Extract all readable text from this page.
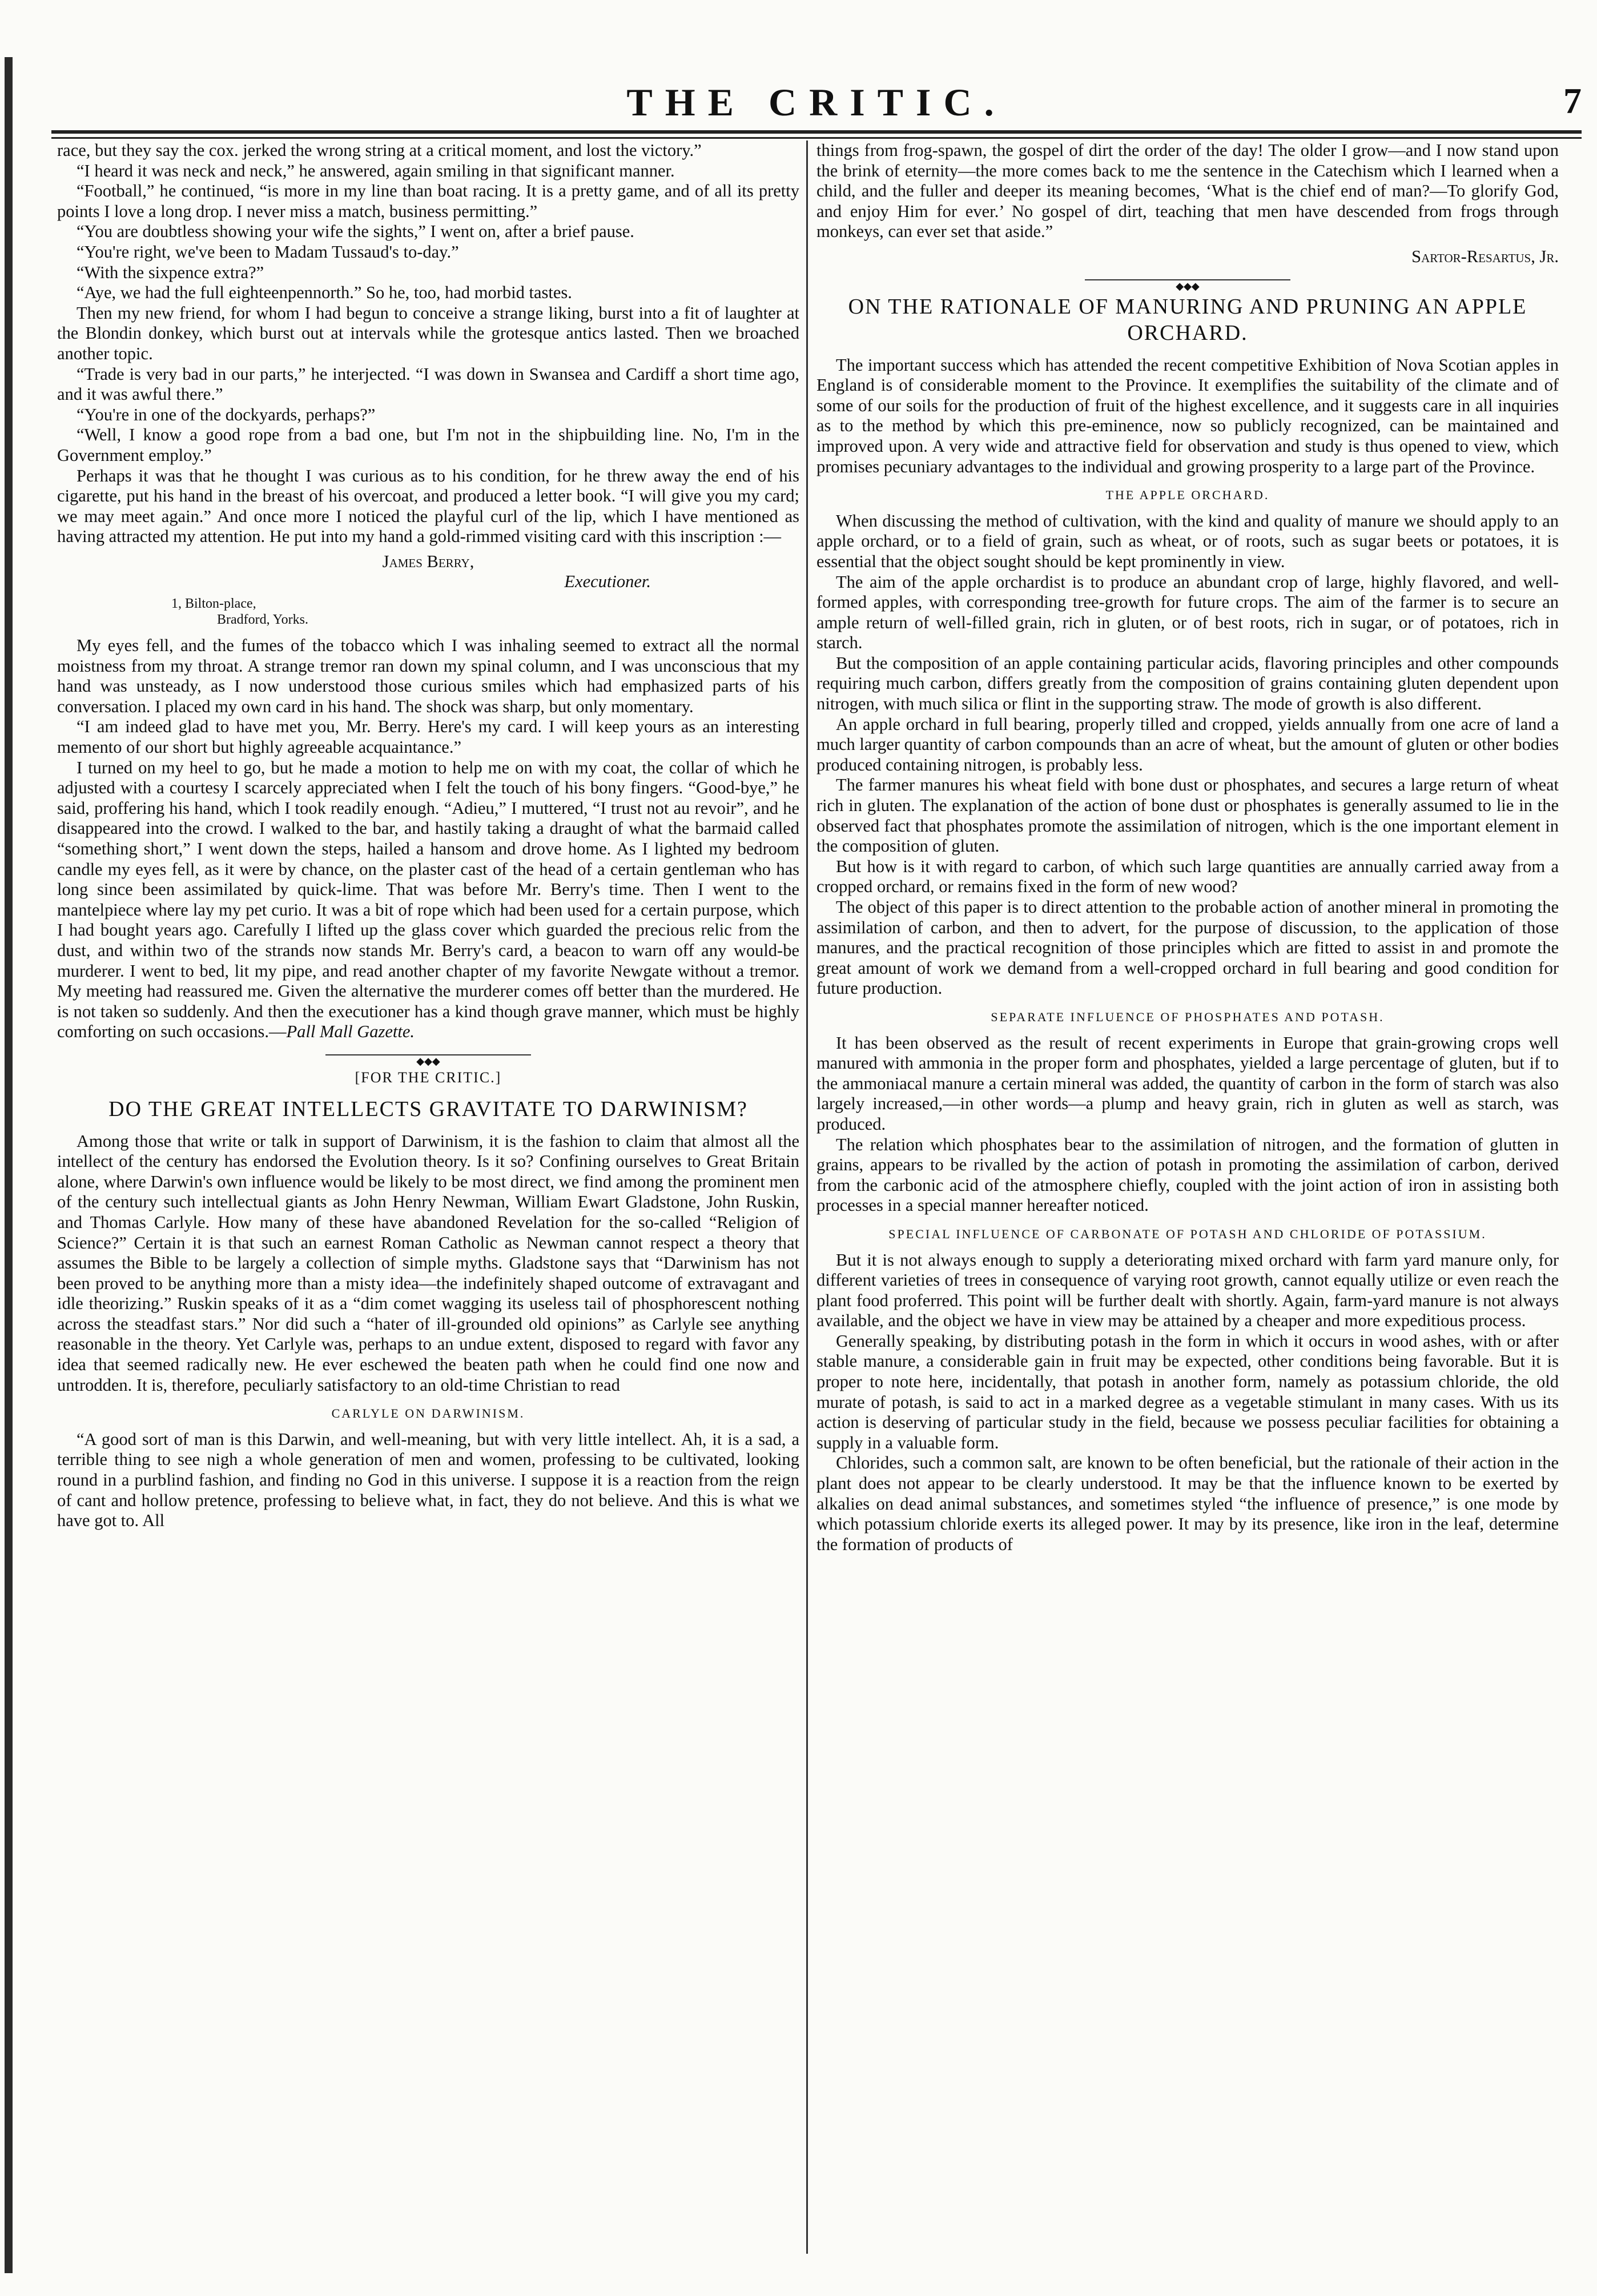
THE CRITIC.	7

race, but they say the cox. jerked the wrong string at a critical moment, and lost the victory.”

“I heard it was neck and neck,” he answered, again smiling in that significant manner.

“Football,” he continued, “is more in my line than boat racing. It is a pretty game, and of all its pretty points I love a long drop. I never miss a match, business permitting.”

“You are doubtless showing your wife the sights,” I went on, after a brief pause.

“You're right, we've been to Madam Tussaud's to-day.”

“With the sixpence extra?”

“Aye, we had the full eighteenpennorth.” So he, too, had morbid tastes.

Then my new friend, for whom I had begun to conceive a strange liking, burst into a fit of laughter at the Blondin donkey, which burst out at intervals while the grotesque antics lasted. Then we broached another topic.

“Trade is very bad in our parts,” he interjected. “I was down in Swansea and Cardiff a short time ago, and it was awful there.”

“You're in one of the dockyards, perhaps?”

“Well, I know a good rope from a bad one, but I'm not in the shipbuilding line. No, I'm in the Government employ.”

Perhaps it was that he thought I was curious as to his condition, for he threw away the end of his cigarette, put his hand in the breast of his overcoat, and produced a letter book. “I will give you my card; we may meet again.” And once more I noticed the playful curl of the lip, which I have mentioned as having attracted my attention. He put into my hand a gold-rimmed visiting card with this inscription :—

James Berry,
Executioner.
1, Bilton-place,
Bradford, Yorks.

My eyes fell, and the fumes of the tobacco which I was inhaling seemed to extract all the normal moistness from my throat. A strange tremor ran down my spinal column, and I was unconscious that my hand was unsteady, as I now understood those curious smiles which had emphasized parts of his conversation. I placed my own card in his hand. The shock was sharp, but only momentary.

“I am indeed glad to have met you, Mr. Berry. Here's my card. I will keep yours as an interesting memento of our short but highly agreeable acquaintance.”

I turned on my heel to go, but he made a motion to help me on with my coat, the collar of which he adjusted with a courtesy I scarcely appreciated when I felt the touch of his bony fingers. “Good-bye,” he said, proffering his hand, which I took readily enough. “Adieu,” I muttered, “I trust not au revoir”, and he disappeared into the crowd. I walked to the bar, and hastily taking a draught of what the barmaid called “something short,” I went down the steps, hailed a hansom and drove home. As I lighted my bedroom candle my eyes fell, as it were by chance, on the plaster cast of the head of a certain gentleman who has long since been assimilated by quick-lime. That was before Mr. Berry's time. Then I went to the mantelpiece where lay my pet curio. It was a bit of rope which had been used for a certain purpose, which I had bought years ago. Carefully I lifted up the glass cover which guarded the precious relic from the dust, and within two of the strands now stands Mr. Berry's card, a beacon to warn off any would-be murderer. I went to bed, lit my pipe, and read another chapter of my favorite Newgate without a tremor. My meeting had reassured me. Given the alternative the murderer comes off better than the murdered. He is not taken so suddenly. And then the executioner has a kind though grave manner, which must be highly comforting on such occasions.—Pall Mall Gazette.

◆◆◆
[FOR THE CRITIC.]
DO THE GREAT INTELLECTS GRAVITATE TO DARWINISM?

Among those that write or talk in support of Darwinism, it is the fashion to claim that almost all the intellect of the century has endorsed the Evolution theory. Is it so? Confining ourselves to Great Britain alone, where Darwin's own influence would be likely to be most direct, we find among the prominent men of the century such intellectual giants as John Henry Newman, William Ewart Gladstone, John Ruskin, and Thomas Carlyle. How many of these have abandoned Revelation for the so-called “Religion of Science?” Certain it is that such an earnest Roman Catholic as Newman cannot respect a theory that assumes the Bible to be largely a collection of simple myths. Gladstone says that “Darwinism has not been proved to be anything more than a misty idea—the indefinitely shaped outcome of extravagant and idle theorizing.” Ruskin speaks of it as a “dim comet wagging its useless tail of phosphorescent nothing across the steadfast stars.” Nor did such a “hater of ill-grounded old opinions” as Carlyle see anything reasonable in the theory. Yet Carlyle was, perhaps to an undue extent, disposed to regard with favor any idea that seemed radically new. He ever eschewed the beaten path when he could find one now and untrodden. It is, therefore, peculiarly satisfactory to an old-time Christian to read

CARLYLE ON DARWINISM.

“A good sort of man is this Darwin, and well-meaning, but with very little intellect. Ah, it is a sad, a terrible thing to see nigh a whole generation of men and women, professing to be cultivated, looking round in a purblind fashion, and finding no God in this universe. I suppose it is a reaction from the reign of cant and hollow pretence, professing to believe what, in fact, they do not believe. And this is what we have got to. All

things from frog-spawn, the gospel of dirt the order of the day! The older I grow—and I now stand upon the brink of eternity—the more comes back to me the sentence in the Catechism which I learned when a child, and the fuller and deeper its meaning becomes, ‘What is the chief end of man?—To glorify God, and enjoy Him for ever.’ No gospel of dirt, teaching that men have descended from frogs through monkeys, can ever set that aside.”

Sartor-Resartus, Jr.
◆◆◆
ON THE RATIONALE OF MANURING AND PRUNING AN APPLE ORCHARD.

The important success which has attended the recent competitive Exhibition of Nova Scotian apples in England is of considerable moment to the Province. It exemplifies the suitability of the climate and of some of our soils for the production of fruit of the highest excellence, and it suggests care in all inquiries as to the method by which this pre-eminence, now so publicly recognized, can be maintained and improved upon. A very wide and attractive field for observation and study is thus opened to view, which promises pecuniary advantages to the individual and growing prosperity to a large part of the Province.

THE APPLE ORCHARD.

When discussing the method of cultivation, with the kind and quality of manure we should apply to an apple orchard, or to a field of grain, such as wheat, or of roots, such as sugar beets or potatoes, it is essential that the object sought should be kept prominently in view.

The aim of the apple orchardist is to produce an abundant crop of large, highly flavored, and well-formed apples, with corresponding tree-growth for future crops. The aim of the farmer is to secure an ample return of well-filled grain, rich in gluten, or of best roots, rich in sugar, or of potatoes, rich in starch.

But the composition of an apple containing particular acids, flavoring principles and other compounds requiring much carbon, differs greatly from the composition of grains containing gluten dependent upon nitrogen, with much silica or flint in the supporting straw. The mode of growth is also different.

An apple orchard in full bearing, properly tilled and cropped, yields annually from one acre of land a much larger quantity of carbon compounds than an acre of wheat, but the amount of gluten or other bodies produced containing nitrogen, is probably less.

The farmer manures his wheat field with bone dust or phosphates, and secures a large return of wheat rich in gluten. The explanation of the action of bone dust or phosphates is generally assumed to lie in the observed fact that phosphates promote the assimilation of nitrogen, which is the one important element in the composition of gluten.

But how is it with regard to carbon, of which such large quantities are annually carried away from a cropped orchard, or remains fixed in the form of new wood?

The object of this paper is to direct attention to the probable action of another mineral in promoting the assimilation of carbon, and then to advert, for the purpose of discussion, to the application of those manures, and the practical recognition of those principles which are fitted to assist in and promote the great amount of work we demand from a well-cropped orchard in full bearing and good condition for future production.

SEPARATE INFLUENCE OF PHOSPHATES AND POTASH.

It has been observed as the result of recent experiments in Europe that grain-growing crops well manured with ammonia in the proper form and phosphates, yielded a large percentage of gluten, but if to the ammoniacal manure a certain mineral was added, the quantity of carbon in the form of starch was also largely increased,—in other words—a plump and heavy grain, rich in gluten as well as starch, was produced.

The relation which phosphates bear to the assimilation of nitrogen, and the formation of glutten in grains, appears to be rivalled by the action of potash in promoting the assimilation of carbon, derived from the carbonic acid of the atmosphere chiefly, coupled with the joint action of iron in assisting both processes in a special manner hereafter noticed.

SPECIAL INFLUENCE OF CARBONATE OF POTASH AND CHLORIDE OF POTASSIUM.

But it is not always enough to supply a deteriorating mixed orchard with farm yard manure only, for different varieties of trees in consequence of varying root growth, cannot equally utilize or even reach the plant food proferred. This point will be further dealt with shortly. Again, farm-yard manure is not always available, and the object we have in view may be attained by a cheaper and more expeditious process.

Generally speaking, by distributing potash in the form in which it occurs in wood ashes, with or after stable manure, a considerable gain in fruit may be expected, other conditions being favorable. But it is proper to note here, incidentally, that potash in another form, namely as potassium chloride, the old murate of potash, is said to act in a marked degree as a vegetable stimulant in many cases. With us its action is deserving of particular study in the field, because we possess peculiar facilities for obtaining a supply in a valuable form.

Chlorides, such a common salt, are known to be often beneficial, but the rationale of their action in the plant does not appear to be clearly understood. It may be that the influence known to be exerted by alkalies on dead animal substances, and sometimes styled “the influence of presence,” is one mode by which potassium chloride exerts its alleged power. It may by its presence, like iron in the leaf, determine the formation of products of
